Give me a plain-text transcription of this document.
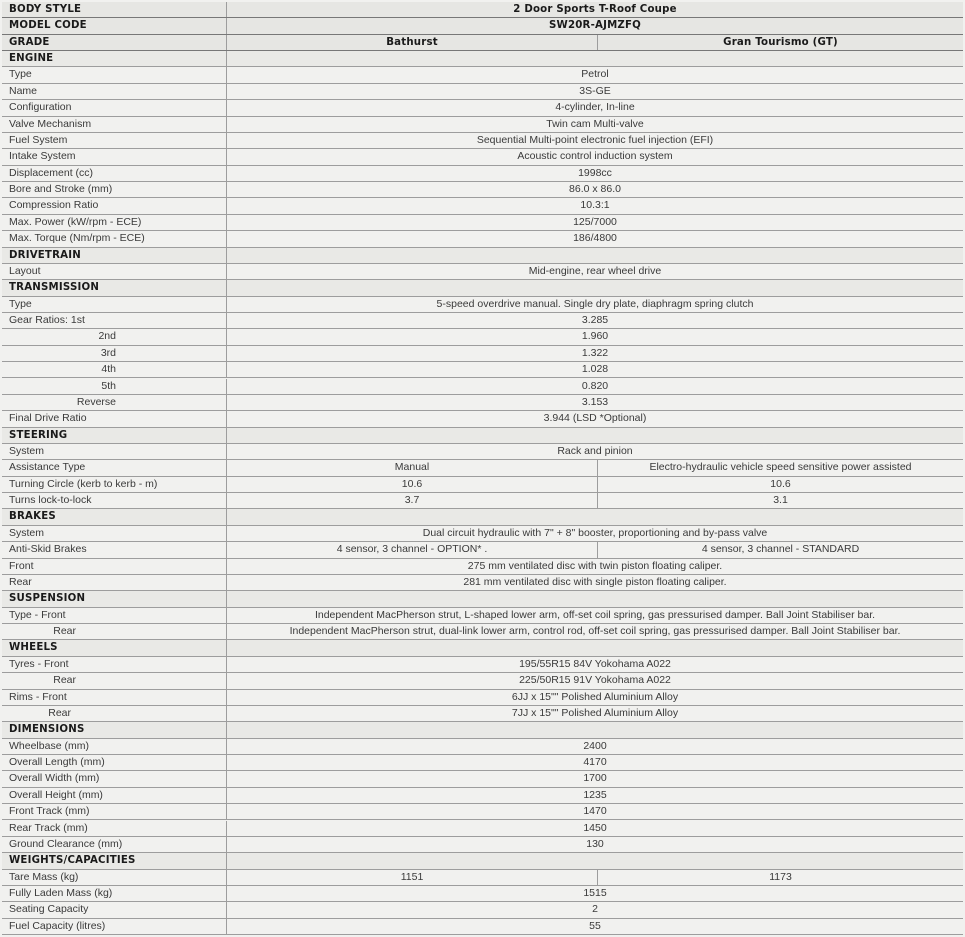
BODY STYLE	2 Door Sports T-Roof Coupe
MODEL CODE	SW20R-AJMZFQ
GRADE	Bathurst	Gran Tourismo (GT)
ENGINE
Type	Petrol
Name	3S-GE
Configuration	4-cylinder, In-line
Valve Mechanism	Twin cam Multi-valve
Fuel System	Sequential Multi-point electronic fuel injection (EFI)
Intake System	Acoustic control induction system
Displacement (cc)	1998cc
Bore and Stroke (mm)	86.0 x 86.0
Compression Ratio	10.3:1
Max. Power (kW/rpm - ECE)	125/7000
Max. Torque (Nm/rpm - ECE)	186/4800
DRIVETRAIN
Layout	Mid-engine, rear wheel drive
TRANSMISSION
Type	5-speed overdrive manual. Single dry plate, diaphragm spring clutch
Gear Ratios: 1st	3.285
2nd	1.960
3rd	1.322
4th	1.028
5th	0.820
Reverse	3.153
Final Drive Ratio	3.944 (LSD *Optional)
STEERING
System	Rack and pinion
Assistance Type	Manual	Electro-hydraulic vehicle speed sensitive power assisted
Turning Circle (kerb to kerb - m)	10.6	10.6
Turns lock-to-lock	3.7	3.1
BRAKES
System	Dual circuit hydraulic with 7" + 8" booster, proportioning and by-pass valve
Anti-Skid Brakes	4 sensor, 3 channel - OPTION* .	4 sensor, 3 channel - STANDARD
Front	275 mm ventilated disc with twin piston floating caliper.
Rear	281 mm ventilated disc with single piston floating caliper.
SUSPENSION
Type - Front	Independent MacPherson strut, L-shaped lower arm, off-set coil spring, gas pressurised damper. Ball Joint Stabiliser bar.
Rear	Independent MacPherson strut, dual-link lower arm, control rod, off-set coil spring, gas pressurised damper. Ball Joint Stabiliser bar.
WHEELS
Tyres - Front	195/55R15 84V Yokohama A022
Rear	225/50R15 91V Yokohama A022
Rims - Front	6JJ x 15"" Polished Aluminium Alloy
Rear	7JJ x 15"" Polished Aluminium Alloy
DIMENSIONS
Wheelbase (mm)	2400
Overall Length (mm)	4170
Overall Width (mm)	1700
Overall Height (mm)	1235
Front Track (mm)	1470
Rear Track (mm)	1450
Ground Clearance (mm)	130
WEIGHTS/CAPACITIES
Tare Mass (kg)	1151	1173
Fully Laden Mass (kg)	1515
Seating Capacity	2
Fuel Capacity (litres)	55
